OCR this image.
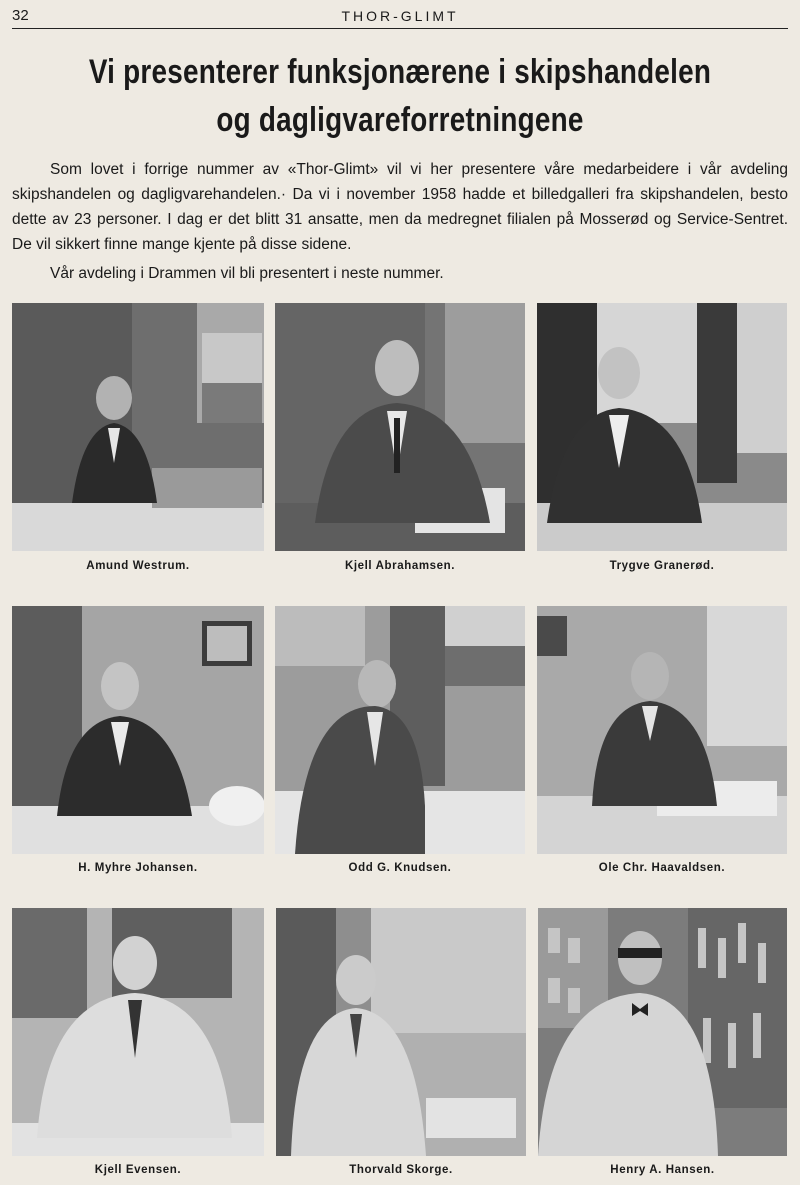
32	THOR-GLIMT
Vi presenterer funksjonærene i skipshandelen
og dagligvareforretningene

Som lovet i forrige nummer av «Thor-Glimt» vil vi her presentere våre medarbeidere i vår avdeling skipshandelen og dagligvarehandelen.· Da vi i november 1958 hadde et billedgalleri fra skipshandelen, besto dette av 23 personer. I dag er det blitt 31 ansatte, men da medregnet filialen på Mosserød og Service-Sentret. De vil sikkert finne mange kjente på disse sidene.

Vår avdeling i Drammen vil bli presentert i neste nummer.

Amund Westrum.	Kjell Abrahamsen.	Trygve Granerød.
H. Myhre Johansen.	Odd G. Knudsen.	Ole Chr. Haavaldsen.
Kjell Evensen.	Thorvald Skorge.	Henry A. Hansen.
